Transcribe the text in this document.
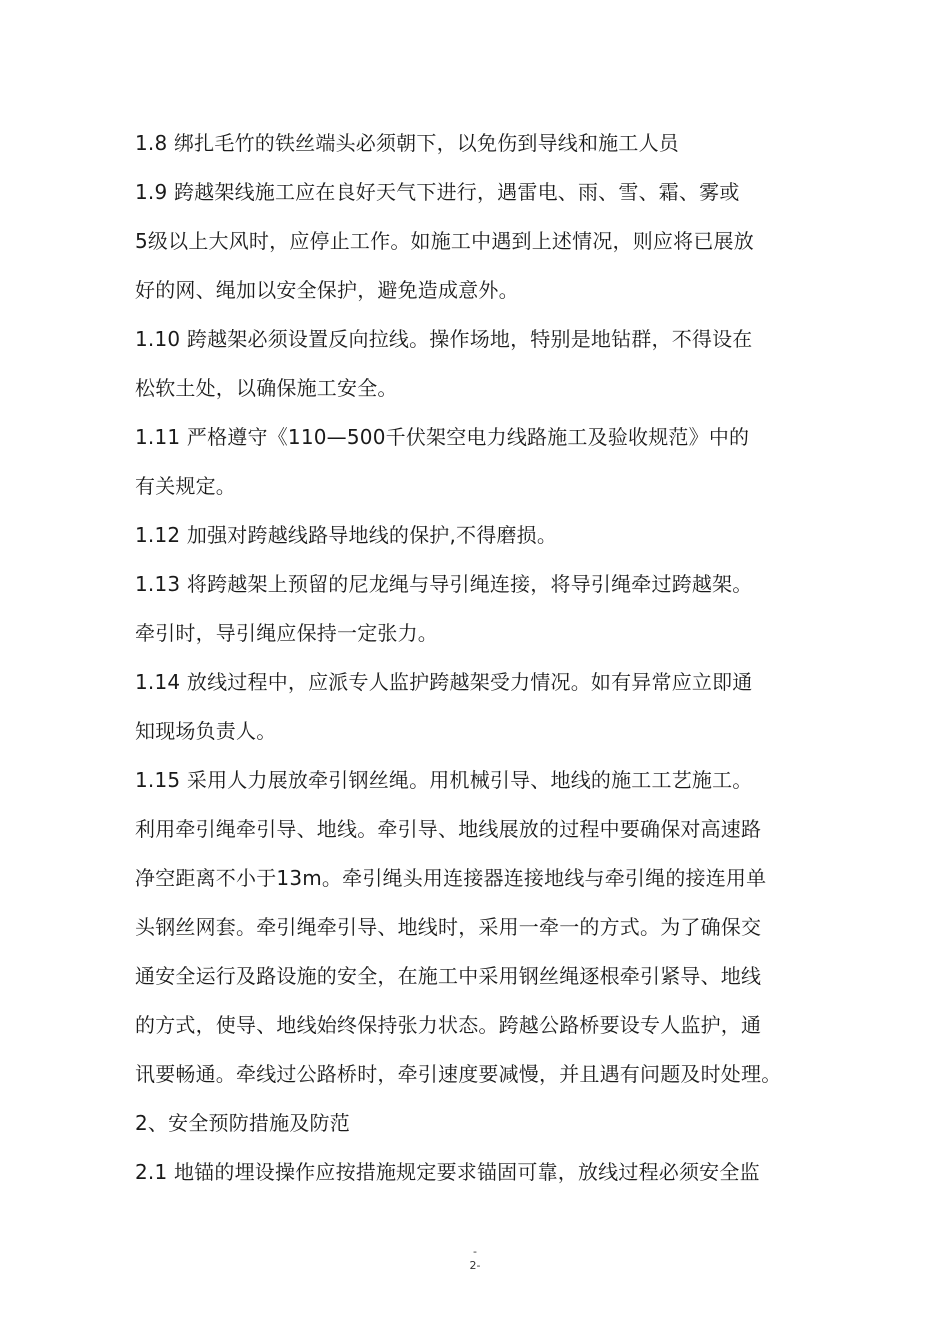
1.8 绑扎毛竹的铁丝端头必须朝下，以免伤到导线和施工人员
1.9 跨越架线施工应在良好天气下进行，遇雷电、雨、雪、霜、雾或
5级以上大风时，应停止工作。如施工中遇到上述情况，则应将已展放
好的网、绳加以安全保护，避免造成意外。
1.10 跨越架必须设置反向拉线。操作场地，特别是地钻群，不得设在
松软土处，以确保施工安全。
1.11 严格遵守《110—500千伏架空电力线路施工及验收规范》中的
有关规定。
1.12 加强对跨越线路导地线的保护,不得磨损。
1.13 将跨越架上预留的尼龙绳与导引绳连接，将导引绳牵过跨越架。
牵引时，导引绳应保持一定张力。
1.14 放线过程中，应派专人监护跨越架受力情况。如有异常应立即通
知现场负责人。
1.15 采用人力展放牵引钢丝绳。用机械引导、地线的施工工艺施工。
利用牵引绳牵引导、地线。牵引导、地线展放的过程中要确保对高速路
净空距离不小于13m。牵引绳头用连接器连接地线与牵引绳的接连用单
头钢丝网套。牵引绳牵引导、地线时，采用一牵一的方式。为了确保交
通安全运行及路设施的安全，在施工中采用钢丝绳逐根牵引紧导、地线
的方式，使导、地线始终保持张力状态。跨越公路桥要设专人监护，通
讯要畅通。牵线过公路桥时，牵引速度要减慢，并且遇有问题及时处理。
2、安全预防措施及防范
2.1 地锚的埋设操作应按措施规定要求锚固可靠，放线过程必须安全监
-
2-
